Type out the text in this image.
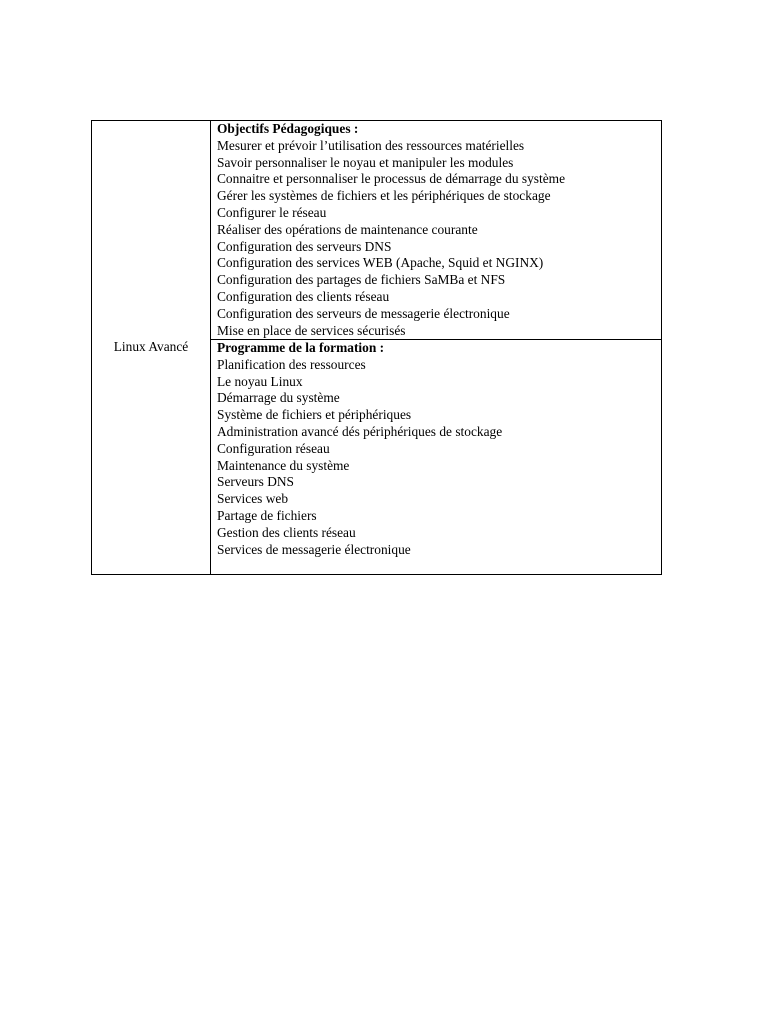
Linux Avancé
Objectifs Pédagogiques :
Mesurer et prévoir l’utilisation des ressources matérielles
Savoir personnaliser le noyau et manipuler les modules
Connaitre et personnaliser le processus de démarrage du système
Gérer les systèmes de fichiers et les périphériques de stockage
Configurer le réseau
Réaliser des opérations de maintenance courante
Configuration des serveurs DNS
Configuration des services WEB (Apache, Squid et NGINX)
Configuration des partages de fichiers SaMBa et NFS
Configuration des clients réseau
Configuration des serveurs de messagerie électronique
Mise en place de services sécurisés
Programme de la formation :
Planification des ressources
Le noyau Linux
Démarrage du système
Système de fichiers et périphériques
Administration avancé dés périphériques de stockage
Configuration réseau
Maintenance du système
Serveurs DNS
Services web
Partage de fichiers
Gestion des clients réseau
Services de messagerie électronique
